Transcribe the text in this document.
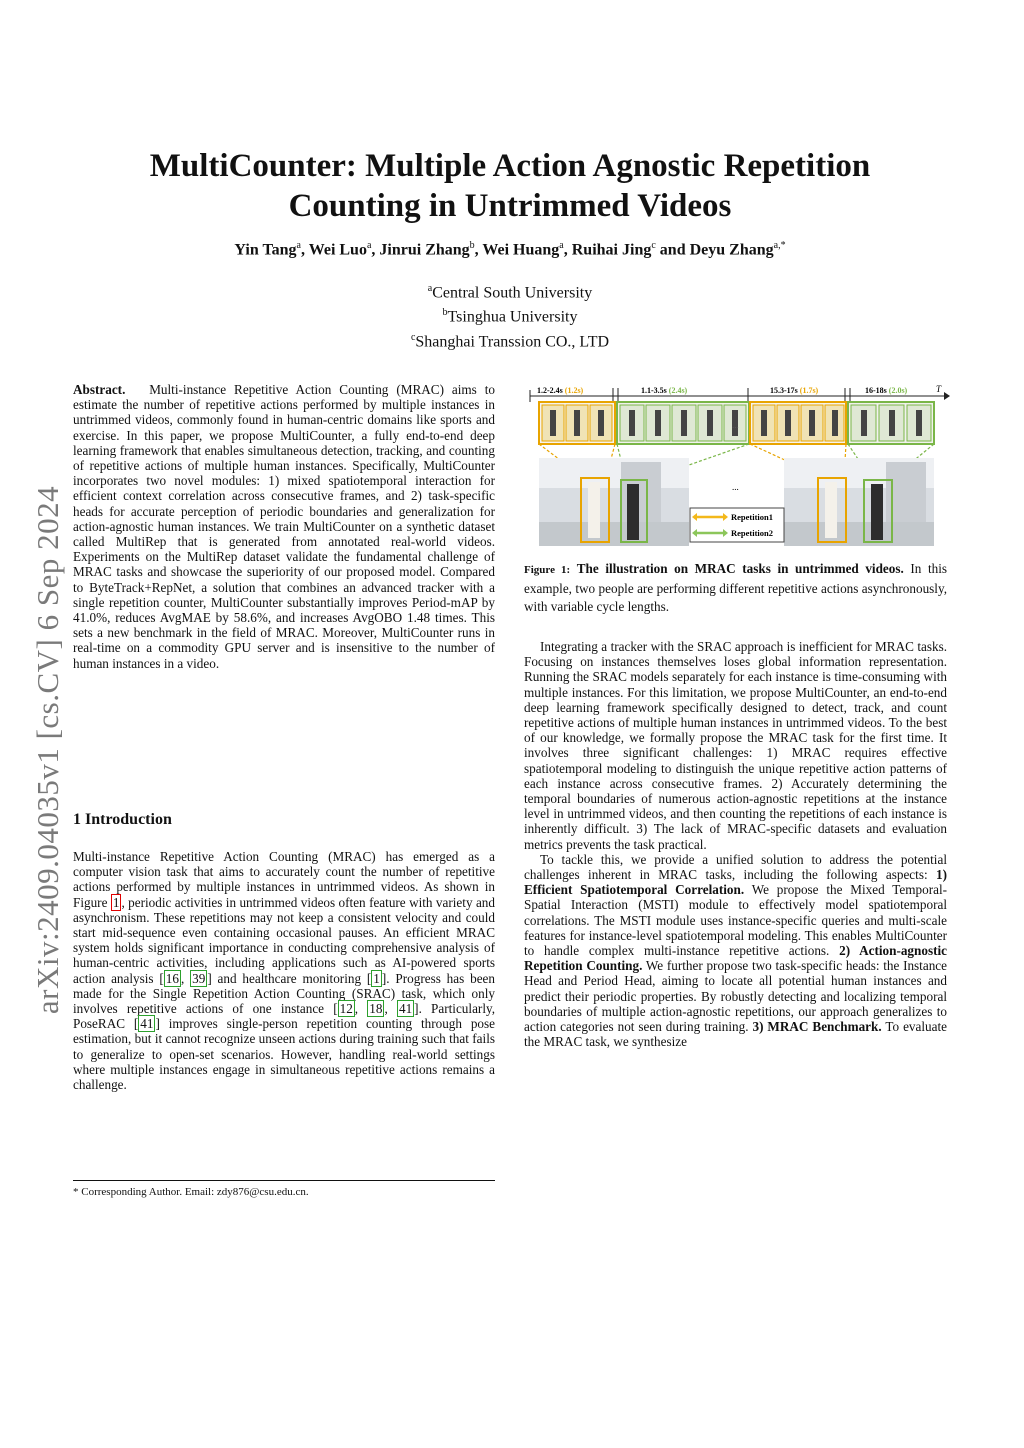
arXiv:2409.04035v1 [cs.CV] 6 Sep 2024
MultiCounter: Multiple Action Agnostic Repetition Counting in Untrimmed Videos
Yin Tang$^a$, Wei Luo$^a$, Jinrui Zhang$^b$, Wei Huang$^a$, Ruihai Jing$^c$ and Deyu Zhang$^{a,*}$
$^a$Central South University
$^b$Tsinghua University
$^c$Shanghai Transsion CO., LTD

Abstract. Multi-instance Repetitive Action Counting (MRAC) aims to estimate the number of repetitive actions performed by multiple instances in untrimmed videos, commonly found in human-centric domains like sports and exercise. In this paper, we propose MultiCounter, a fully end-to-end deep learning framework that enables simultaneous detection, tracking, and counting of repetitive actions of multiple human instances. Specifically, MultiCounter incorporates two novel modules: 1) mixed spatiotemporal interaction for efficient context correlation across consecutive frames, and 2) task-specific heads for accurate perception of periodic boundaries and generalization for action-agnostic human instances. We train MultiCounter on a synthetic dataset called MultiRep that is generated from annotated real-world videos. Experiments on the MultiRep dataset validate the fundamental challenge of MRAC tasks and showcase the superiority of our proposed model. Compared to ByteTrack+RepNet, a solution that combines an advanced tracker with a single repetition counter, MultiCounter substantially improves Period-mAP by 41.0%, reduces AvgMAE by 58.6%, and increases AvgOBO 1.48 times. This sets a new benchmark in the field of MRAC. Moreover, MultiCounter runs in real-time on a commodity GPU server and is insensitive to the number of human instances in a video.

1 Introduction

Multi-instance Repetitive Action Counting (MRAC) has emerged as a computer vision task that aims to accurately count the number of repetitive actions performed by multiple instances in untrimmed videos. As shown in Figure 1 , periodic activities in untrimmed videos often feature with variety and asynchronism. These repetitions may not keep a consistent velocity and could start mid-sequence even containing occasional pauses. An efficient MRAC system holds significant importance in conducting comprehensive analysis of human-centric activities, including applications such as AI-powered sports action analysis [ 16 , 39 ] and healthcare monitoring [ 1 ]. Progress has been made for the Single Repetition Action Counting (SRAC) task, which only involves repetitive actions of one instance [ 12 , 18 , 41 ]. Particularly, PoseRAC [ 41 ] improves single-person repetition counting through pose estimation, but it cannot recognize unseen actions during training such that fails to generalize to open-set scenarios. However, handling real-world settings where multiple instances engage in simultaneous repetitive actions remains a challenge.

* Corresponding Author. Email: zdy876@csu.edu.cn.
1.2-2.4s (1.2s)	1.1-3.5s (2.4s)	15.3-17s (1.7s)	16-18s (2.0s)	T
...
...
Repetition1
Repetition2

Figure 1: The illustration on MRAC tasks in untrimmed videos. In this example, two people are performing different repetitive actions asynchronously, with variable cycle lengths.

Integrating a tracker with the SRAC approach is inefficient for MRAC tasks. Focusing on instances themselves loses global information representation. Running the SRAC models separately for each instance is time-consuming with multiple instances. For this limitation, we propose MultiCounter, an end-to-end deep learning framework specifically designed to detect, track, and count repetitive actions of multiple human instances in untrimmed videos. To the best of our knowledge, we formally propose the MRAC task for the first time. It involves three significant challenges: 1) MRAC requires effective spatiotemporal modeling to distinguish the unique repetitive action patterns of each instance across consecutive frames. 2) Accurately determining the temporal boundaries of numerous action-agnostic repetitions at the instance level in untrimmed videos, and then counting the repetitions of each instance is inherently difficult. 3) The lack of MRAC-specific datasets and evaluation metrics prevents the task practical.

To tackle this, we provide a unified solution to address the potential challenges inherent in MRAC tasks, including the following aspects: 1) Efficient Spatiotemporal Correlation. We propose the Mixed Temporal-Spatial Interaction (MSTI) module to effectively model spatiotemporal correlations. The MSTI module uses instance-specific queries and multi-scale features for instance-level spatiotemporal modeling. This enables MultiCounter to handle complex multi-instance repetitive actions. 2) Action-agnostic Repetition Counting. We further propose two task-specific heads: the Instance Head and Period Head, aiming to locate all potential human instances and predict their periodic properties. By robustly detecting and localizing temporal boundaries of multiple action-agnostic repetitions, our approach generalizes to action categories not seen during training. 3) MRAC Benchmark. To evaluate the MRAC task, we synthesize
